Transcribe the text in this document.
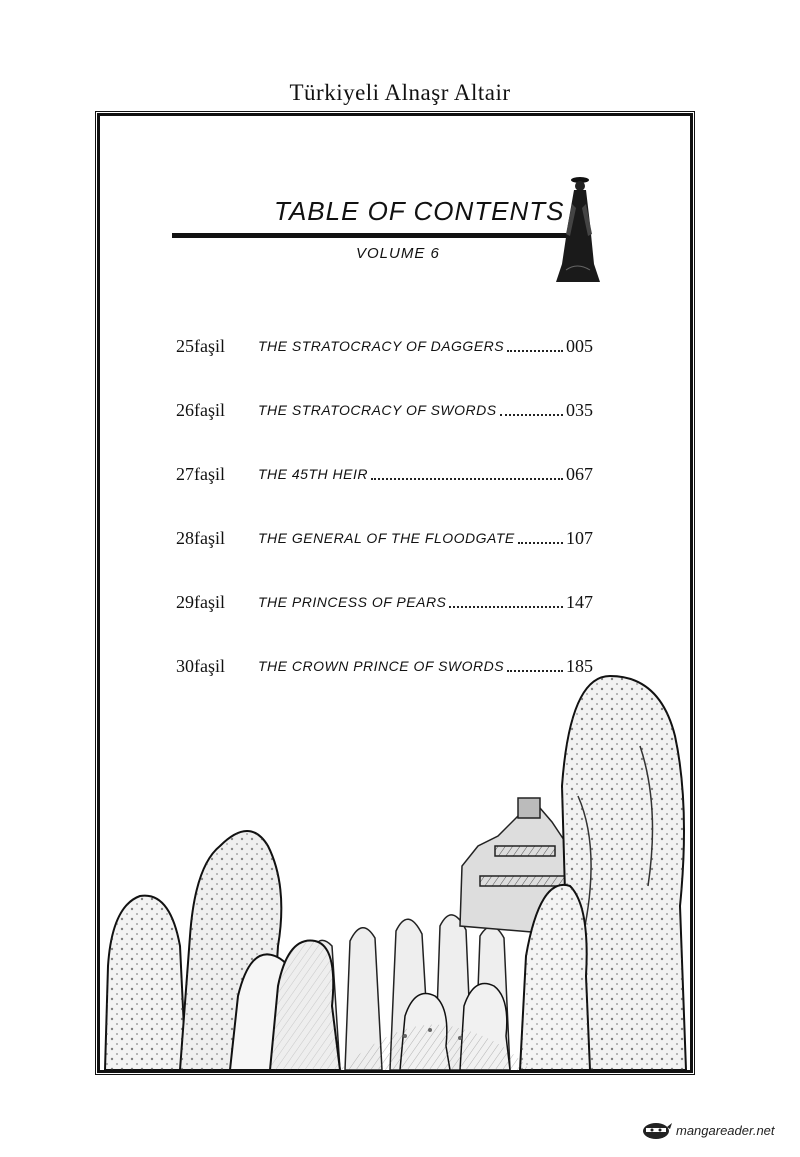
Türkiyeli Alnaşr Altair
TABLE OF CONTENTS
VOLUME 6
25faşil	THE STRATOCRACY OF DAGGERS	005
26faşil	THE STRATOCRACY OF SWORDS	035
27faşil	THE 45TH HEIR	067
28faşil	THE GENERAL OF THE FLOODGATE	107
29faşil	THE PRINCESS OF PEARS	147
30faşil	THE CROWN PRINCE OF SWORDS	185
mangareader.net
